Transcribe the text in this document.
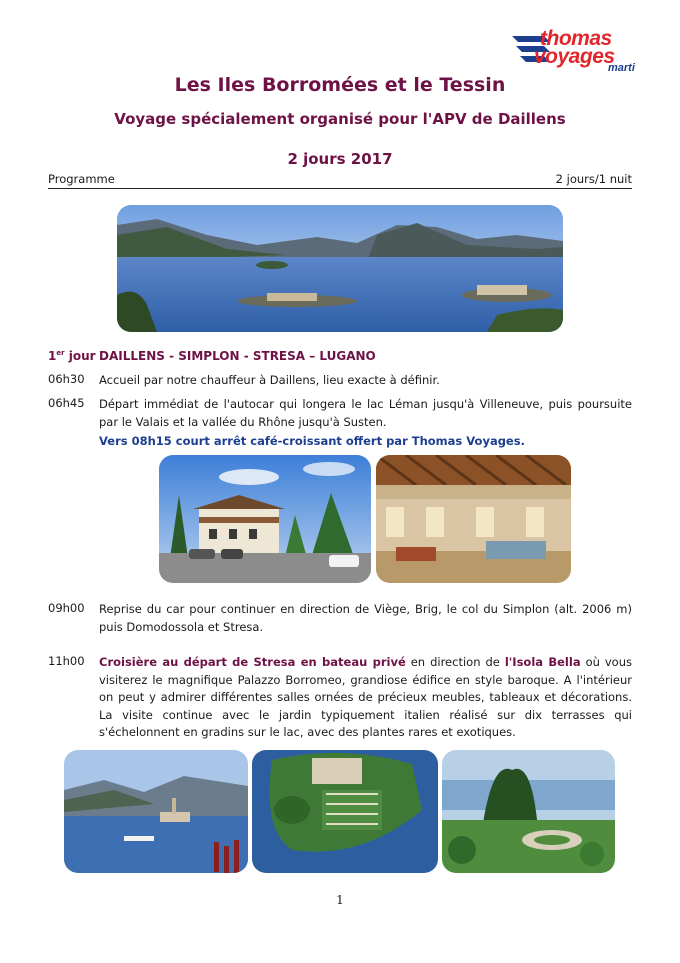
thomas
voyages
marti
Les Iles Borromées et le Tessin
Voyage spécialement organisé pour l'APV de Daillens
2 jours 2017
Programme	2 jours/1 nuit
1er jour DAILLENS - SIMPLON - STRESA – LUGANO
06h30 Accueil par notre chauffeur à Daillens, lieu exacte à définir.
06h45 Départ immédiat de l'autocar qui longera le lac Léman jusqu'à Villeneuve, puis poursuite par le Valais et la vallée du Rhône jusqu'à Susten.
Vers 08h15 court arrêt café-croissant offert par Thomas Voyages.
09h00 Reprise du car pour continuer en direction de Viège, Brig, le col du Simplon (alt. 2006 m) puis Domodossola et Stresa.
11h00 Croisière au départ de Stresa en bateau privé en direction de l'Isola Bella où vous visiterez le magnifique Palazzo Borromeo, grandiose édifice en style baroque. A l'intérieur on peut y admirer différentes salles ornées de précieux meubles, tableaux et décorations. La visite continue avec le jardin typiquement italien réalisé sur dix terrasses qui s'échelonnent en gradins sur le lac, avec des plantes rares et exotiques.
1
